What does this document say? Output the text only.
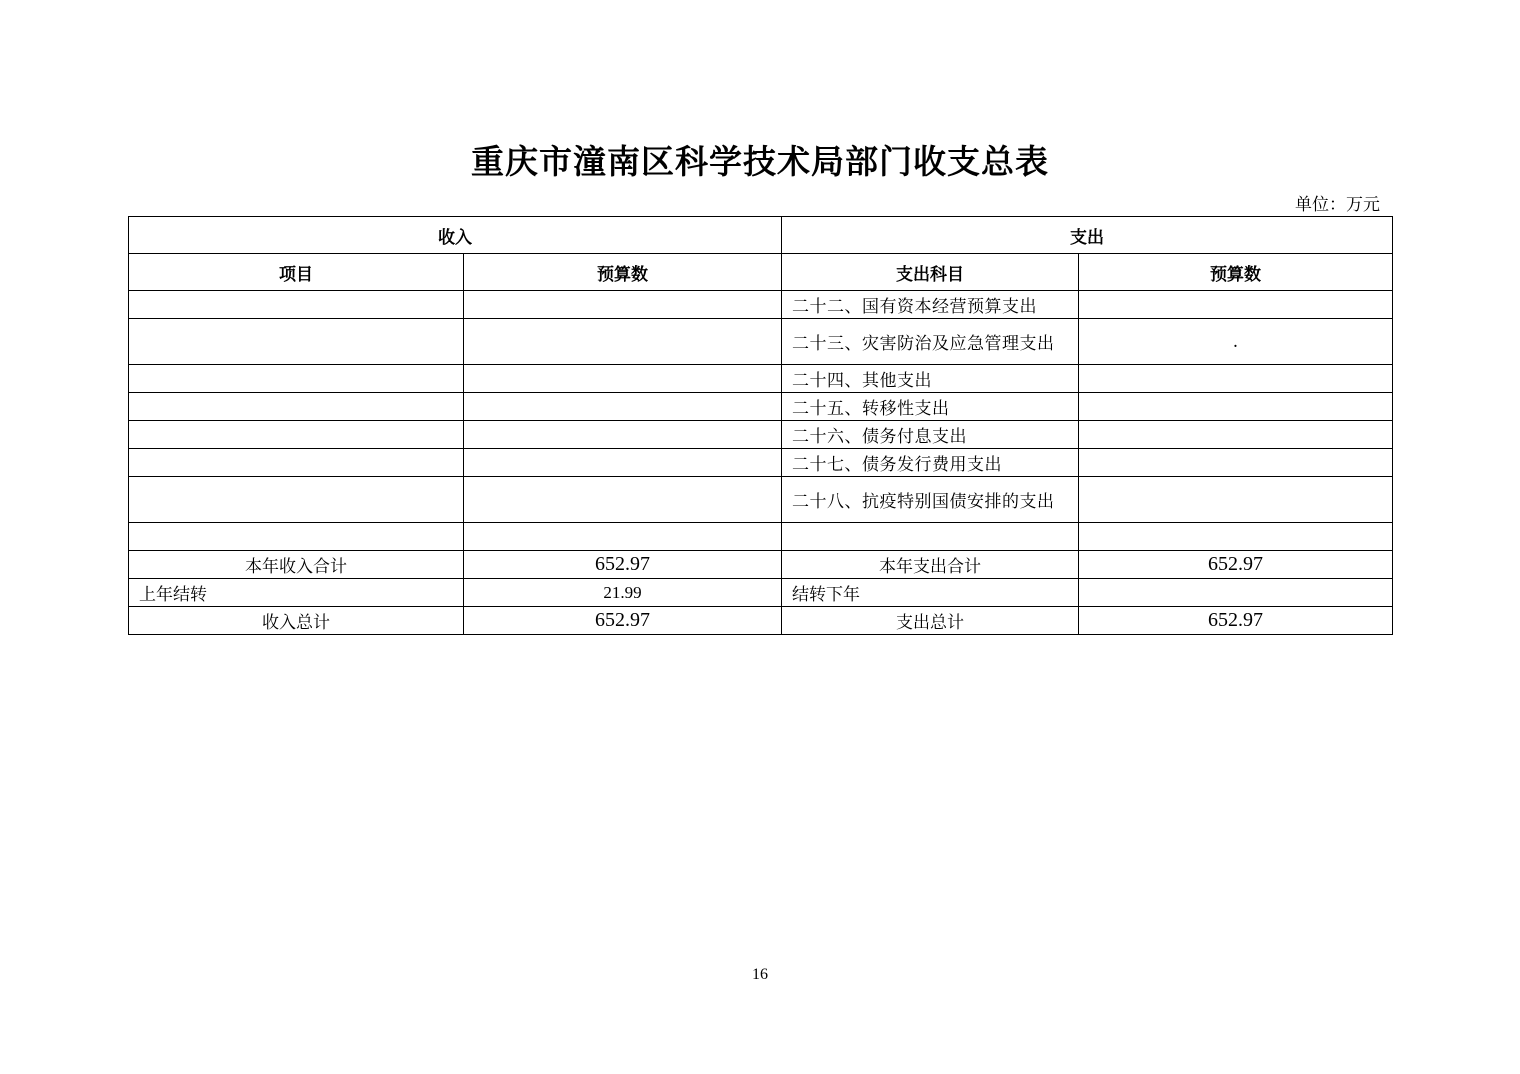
重庆市潼南区科学技术局部门收支总表
单位：万元
收入		支出	
项目	预算数	支出科目	预算数
		二十二、国有资本经营预算支出	
		二十三、灾害防治及应急管理支出	.
		二十四、其他支出	
		二十五、转移性支出	
		二十六、债务付息支出	
		二十七、债务发行费用支出	
		二十八、抗疫特别国债安排的支出	

本年收入合计	652.97	本年支出合计	652.97
上年结转	21.99	结转下年	
收入总计	652.97	支出总计	652.97
16
